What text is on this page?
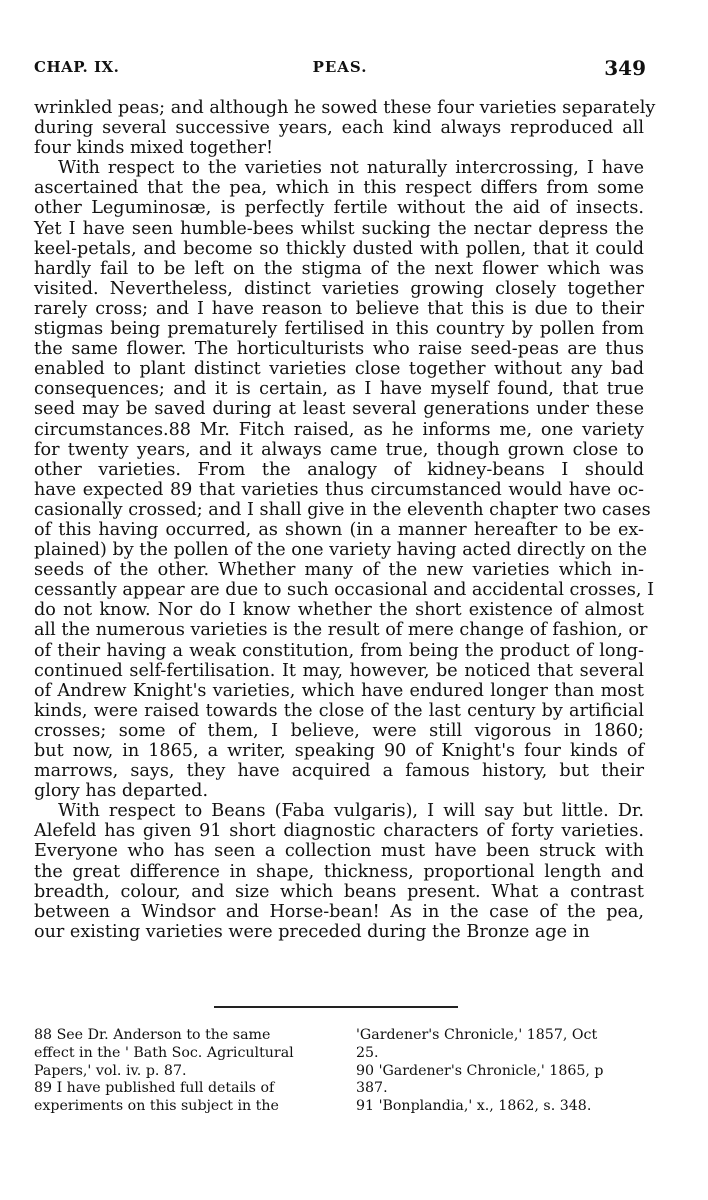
CHAP. IX.	PEAS.	349
wrinkled peas; and although he sowed these four varieties separately
during several successive years, each kind always reproduced all
four kinds mixed together!
With respect to the varieties not naturally intercrossing, I have
ascertained that the pea, which in this respect differs from some
other Leguminosæ, is perfectly fertile without the aid of insects.
Yet I have seen humble-bees whilst sucking the nectar depress the
keel-petals, and become so thickly dusted with pollen, that it could
hardly fail to be left on the stigma of the next flower which was
visited. Nevertheless, distinct varieties growing closely together
rarely cross; and I have reason to believe that this is due to their
stigmas being prematurely fertilised in this country by pollen from
the same flower. The horticulturists who raise seed-peas are thus
enabled to plant distinct varieties close together without any bad
consequences; and it is certain, as I have myself found, that true
seed may be saved during at least several generations under these
circumstances.88 Mr. Fitch raised, as he informs me, one variety
for twenty years, and it always came true, though grown close to
other varieties. From the analogy of kidney-beans I should
have expected 89 that varieties thus circumstanced would have oc-
casionally crossed; and I shall give in the eleventh chapter two cases
of this having occurred, as shown (in a manner hereafter to be ex-
plained) by the pollen of the one variety having acted directly on the
seeds of the other. Whether many of the new varieties which in-
cessantly appear are due to such occasional and accidental crosses, I
do not know. Nor do I know whether the short existence of almost
all the numerous varieties is the result of mere change of fashion, or
of their having a weak constitution, from being the product of long-
continued self-fertilisation. It may, however, be noticed that several
of Andrew Knight's varieties, which have endured longer than most
kinds, were raised towards the close of the last century by artificial
crosses; some of them, I believe, were still vigorous in 1860;
but now, in 1865, a writer, speaking 90 of Knight's four kinds of
marrows, says, they have acquired a famous history, but their
glory has departed.
With respect to Beans (Faba vulgaris), I will say but little. Dr.
Alefeld has given 91 short diagnostic characters of forty varieties.
Everyone who has seen a collection must have been struck with
the great difference in shape, thickness, proportional length and
breadth, colour, and size which beans present. What a contrast
between a Windsor and Horse-bean! As in the case of the pea,
our existing varieties were preceded during the Bronze age in
88 See Dr. Anderson to the same
effect in the ' Bath Soc. Agricultural
Papers,' vol. iv. p. 87.
89 I have published full details of
experiments on this subject in the
'Gardener's Chronicle,' 1857, Oct
25.
90 'Gardener's Chronicle,' 1865, p
387.
91 'Bonplandia,' x., 1862, s. 348.
